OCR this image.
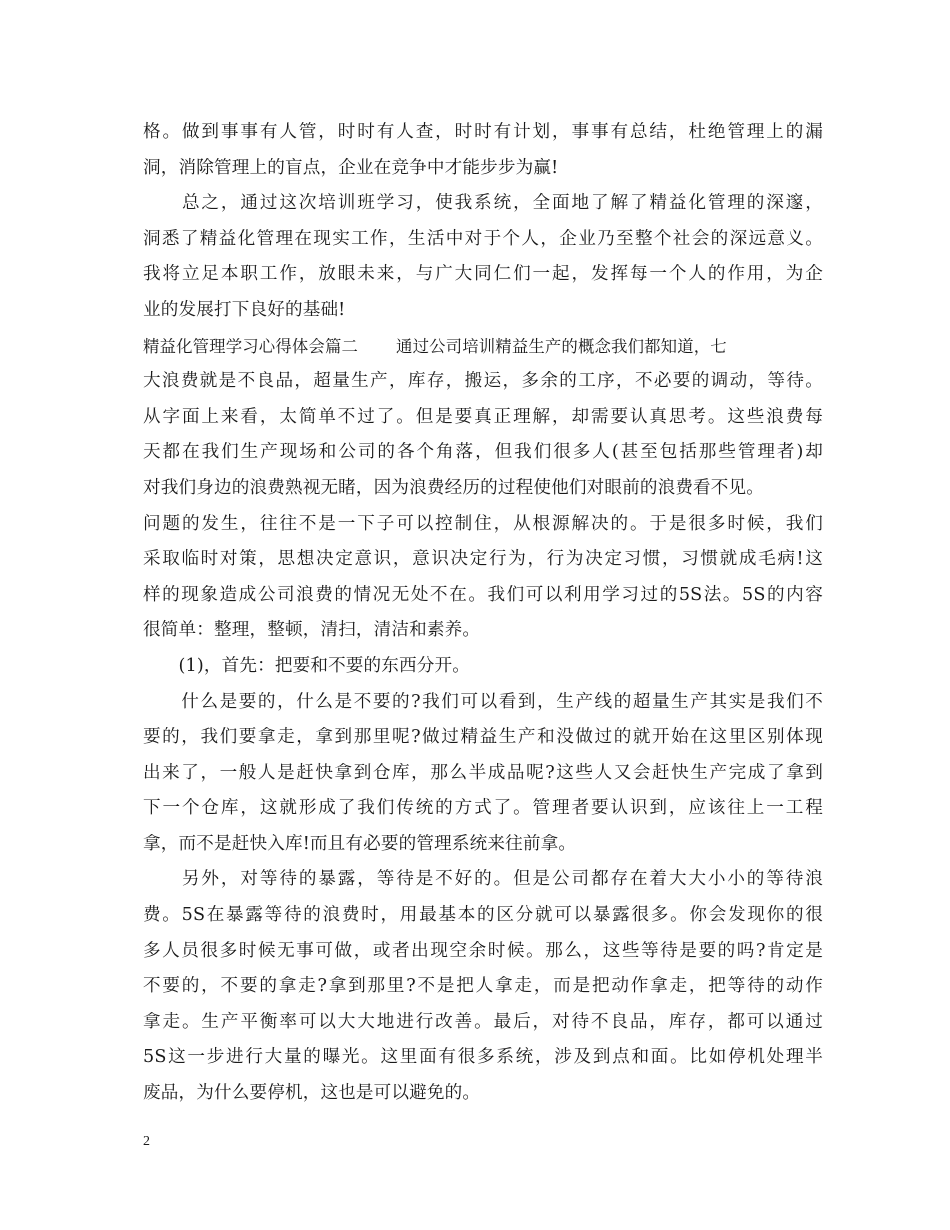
格。做到事事有人管，时时有人查，时时有计划，事事有总结，杜绝管理上的漏
洞，消除管理上的盲点，企业在竞争中才能步步为赢!
　　总之，通过这次培训班学习，使我系统，全面地了解了精益化管理的深邃，
洞悉了精益化管理在现实工作，生活中对于个人，企业乃至整个社会的深远意义。
我将立足本职工作，放眼未来，与广大同仁们一起，发挥每一个人的作用，为企
业的发展打下良好的基础!
精益化管理学习心得体会篇二 通过公司培训精益生产的概念我们都知道，七
大浪费就是不良品，超量生产，库存，搬运，多余的工序，不必要的调动，等待。
从字面上来看，太简单不过了。但是要真正理解，却需要认真思考。这些浪费每
天都在我们生产现场和公司的各个角落，但我们很多人(甚至包括那些管理者)却
对我们身边的浪费熟视无睹，因为浪费经历的过程使他们对眼前的浪费看不见。
问题的发生，往往不是一下子可以控制住，从根源解决的。于是很多时候，我们
采取临时对策，思想决定意识，意识决定行为，行为决定习惯，习惯就成毛病!这
样的现象造成公司浪费的情况无处不在。我们可以利用学习过的5S法。5S的内容
很简单：整理，整顿，清扫，清洁和素养。
　　(1)，首先：把要和不要的东西分开。
　　什么是要的，什么是不要的?我们可以看到，生产线的超量生产其实是我们不
要的，我们要拿走，拿到那里呢?做过精益生产和没做过的就开始在这里区别体现
出来了，一般人是赶快拿到仓库，那么半成品呢?这些人又会赶快生产完成了拿到
下一个仓库，这就形成了我们传统的方式了。管理者要认识到，应该往上一工程
拿，而不是赶快入库!而且有必要的管理系统来往前拿。
　　另外，对等待的暴露，等待是不好的。但是公司都存在着大大小小的等待浪
费。5S在暴露等待的浪费时，用最基本的区分就可以暴露很多。你会发现你的很
多人员很多时候无事可做，或者出现空余时候。那么，这些等待是要的吗?肯定是
不要的，不要的拿走?拿到那里?不是把人拿走，而是把动作拿走，把等待的动作
拿走。生产平衡率可以大大地进行改善。最后，对待不良品，库存，都可以通过
5S这一步进行大量的曝光。这里面有很多系统，涉及到点和面。比如停机处理半
废品，为什么要停机，这也是可以避免的。
2
